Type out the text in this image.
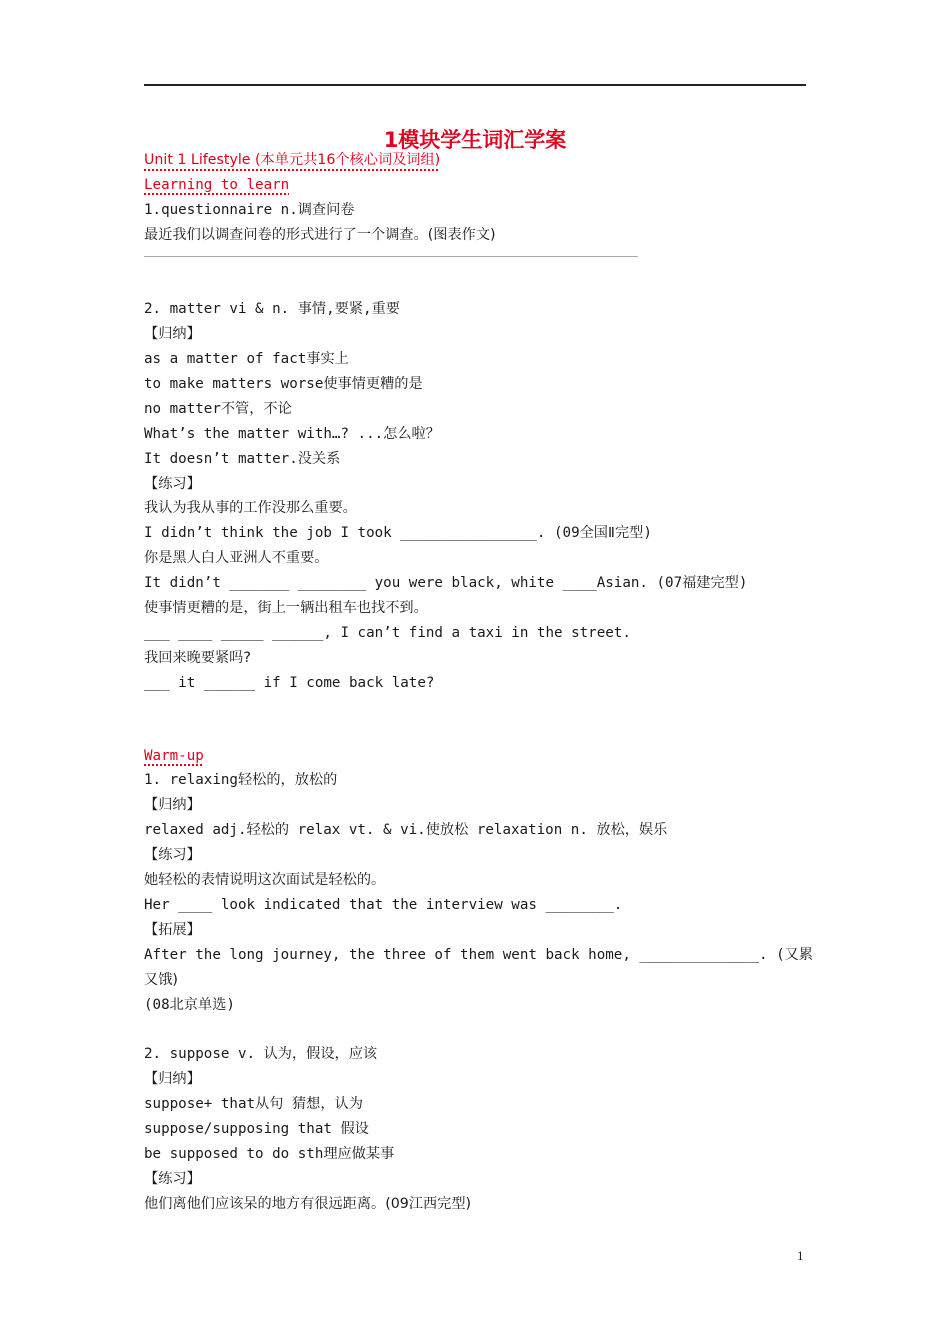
1模块学生词汇学案
Unit 1 Lifestyle (本单元共16个核心词及词组)
Learning to learn
1.questionnaire n.调查问卷
最近我们以调查问卷的形式进行了一个调查。(图表作文)
2. matter vi & n. 事情,要紧,重要
【归纳】
as a matter of fact事实上
to make matters worse使事情更糟的是
no matter不管，不论
What’s the matter with…? ...怎么啦？
It doesn’t matter.没关系
【练习】
我认为我从事的工作没那么重要。
I didn’t think the job I took ________________. (09全国Ⅱ完型)
你是黑人白人亚洲人不重要。
It didn’t _______ ________ you were black, white ____Asian. (07福建完型)
使事情更糟的是，街上一辆出租车也找不到。
___ ____ _____ ______, I can’t find a taxi in the street.
我回来晚要紧吗?
___ it ______ if I come back late?
Warm-up
1. relaxing轻松的，放松的
【归纳】
relaxed adj.轻松的 relax vt. & vi.使放松 relaxation n. 放松，娱乐
【练习】
她轻松的表情说明这次面试是轻松的。
Her ____ look indicated that the interview was ________.
【拓展】
After the long journey, the three of them went back home, ______________. (又累
又饿)
(08北京单选)
2. suppose v. 认为，假设，应该
【归纳】
suppose+ that从句 猜想，认为
suppose/supposing that 假设
be supposed to do sth理应做某事
【练习】
他们离他们应该呆的地方有很远距离。(09江西完型)
1
